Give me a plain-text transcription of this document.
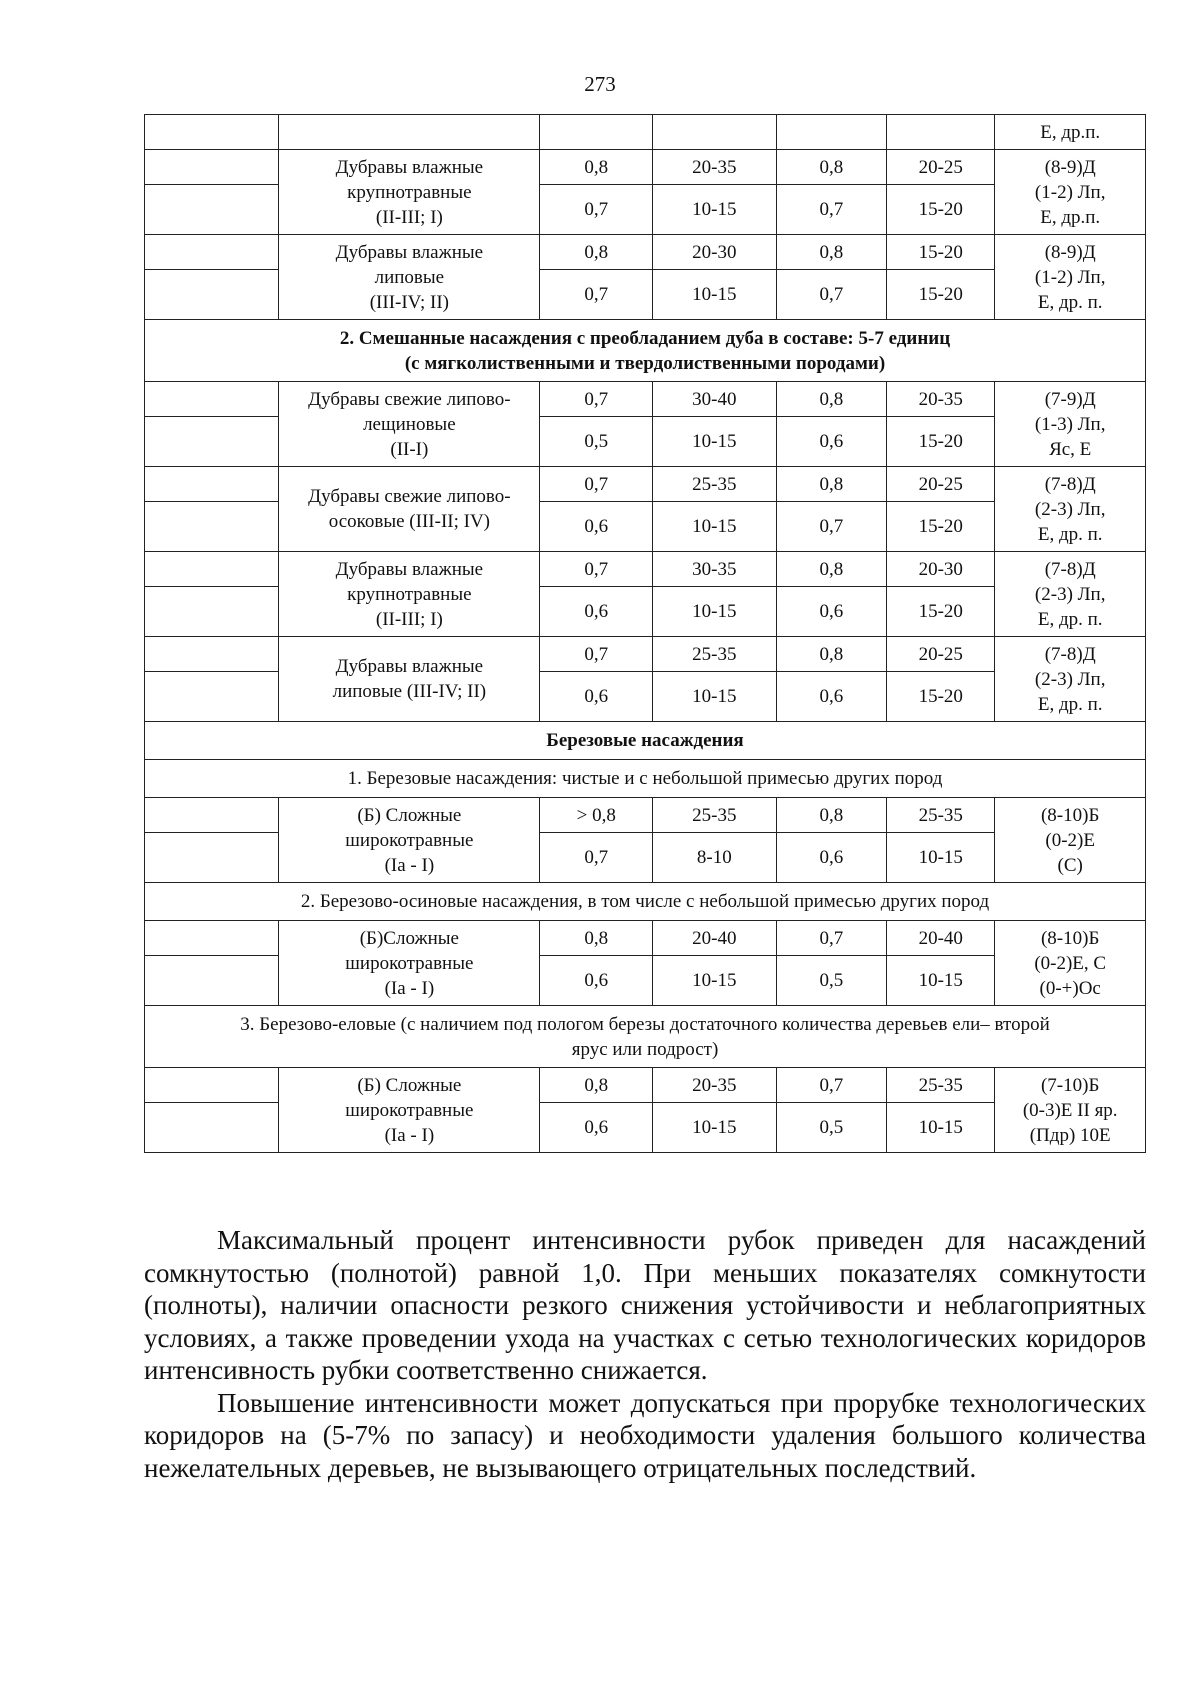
273
						Е, др.п.
	Дубравы влажные
крупнотравные
(II-III; I)	0,8	20-35	0,8	20-25	(8-9)Д
(1-2) Лп,
Е, др.п.
		0,7	10-15	0,7	15-20	
	Дубравы влажные
липовые
(III-IV; II)	0,8	20-30	0,8	15-20	(8-9)Д
(1-2) Лп,
Е, др. п.
		0,7	10-15	0,7	15-20	
2. Смешанные насаждения с преобладанием дуба в составе: 5-7 единиц
(с мягколиственными и твердолиственными породами)						
	Дубравы свежие липово-
лещиновые
(II-I)	0,7	30-40	0,8	20-35	(7-9)Д
(1-3) Лп,
Яс, Е
		0,5	10-15	0,6	15-20	
	Дубравы свежие липово-
осоковые (III-II; IV)	0,7	25-35	0,8	20-25	(7-8)Д
(2-3) Лп,
Е, др. п.
		0,6	10-15	0,7	15-20	
	Дубравы влажные
крупнотравные
(II-III; I)	0,7	30-35	0,8	20-30	(7-8)Д
(2-3) Лп,
Е, др. п.
		0,6	10-15	0,6	15-20	
	Дубравы влажные
липовые (III-IV; II)	0,7	25-35	0,8	20-25	(7-8)Д
(2-3) Лп,
Е, др. п.
		0,6	10-15	0,6	15-20	
Березовые насаждения						
1. Березовые насаждения: чистые и с небольшой примесью других пород						
	(Б) Сложные
широкотравные
(Ia - I)	> 0,8	25-35	0,8	25-35	(8-10)Б
(0-2)Е
(С)
		0,7	8-10	0,6	10-15	
2. Березово-осиновые насаждения, в том числе с небольшой примесью других пород						
	(Б)Сложные
широкотравные
(Ia - I)	0,8	20-40	0,7	20-40	(8-10)Б
(0-2)Е, С
(0-+)Ос
		0,6	10-15	0,5	10-15	
3. Березово-еловые (с наличием под пологом березы достаточного количества деревьев ели– второй
ярус или подрост)						
	(Б) Сложные
широкотравные
(Ia - I)	0,8	20-35	0,7	25-35	(7-10)Б
(0-3)Е II яр.
(Пдр) 10Е
		0,6	10-15	0,5	10-15	

Максимальный процент интенсивности рубок приведен для насаждений сомкнутостью (полнотой) равной 1,0. При меньших показателях сомкнутости (полноты), наличии опасности резкого снижения устойчивости и неблагоприятных условиях, а также проведении ухода на участках с сетью технологических коридоров интенсивность рубки соответственно снижается.

Повышение интенсивности может допускаться при прорубке технологических коридоров на (5-7% по запасу) и необходимости удаления большого количества нежелательных деревьев, не вызывающего отрицательных последствий.
